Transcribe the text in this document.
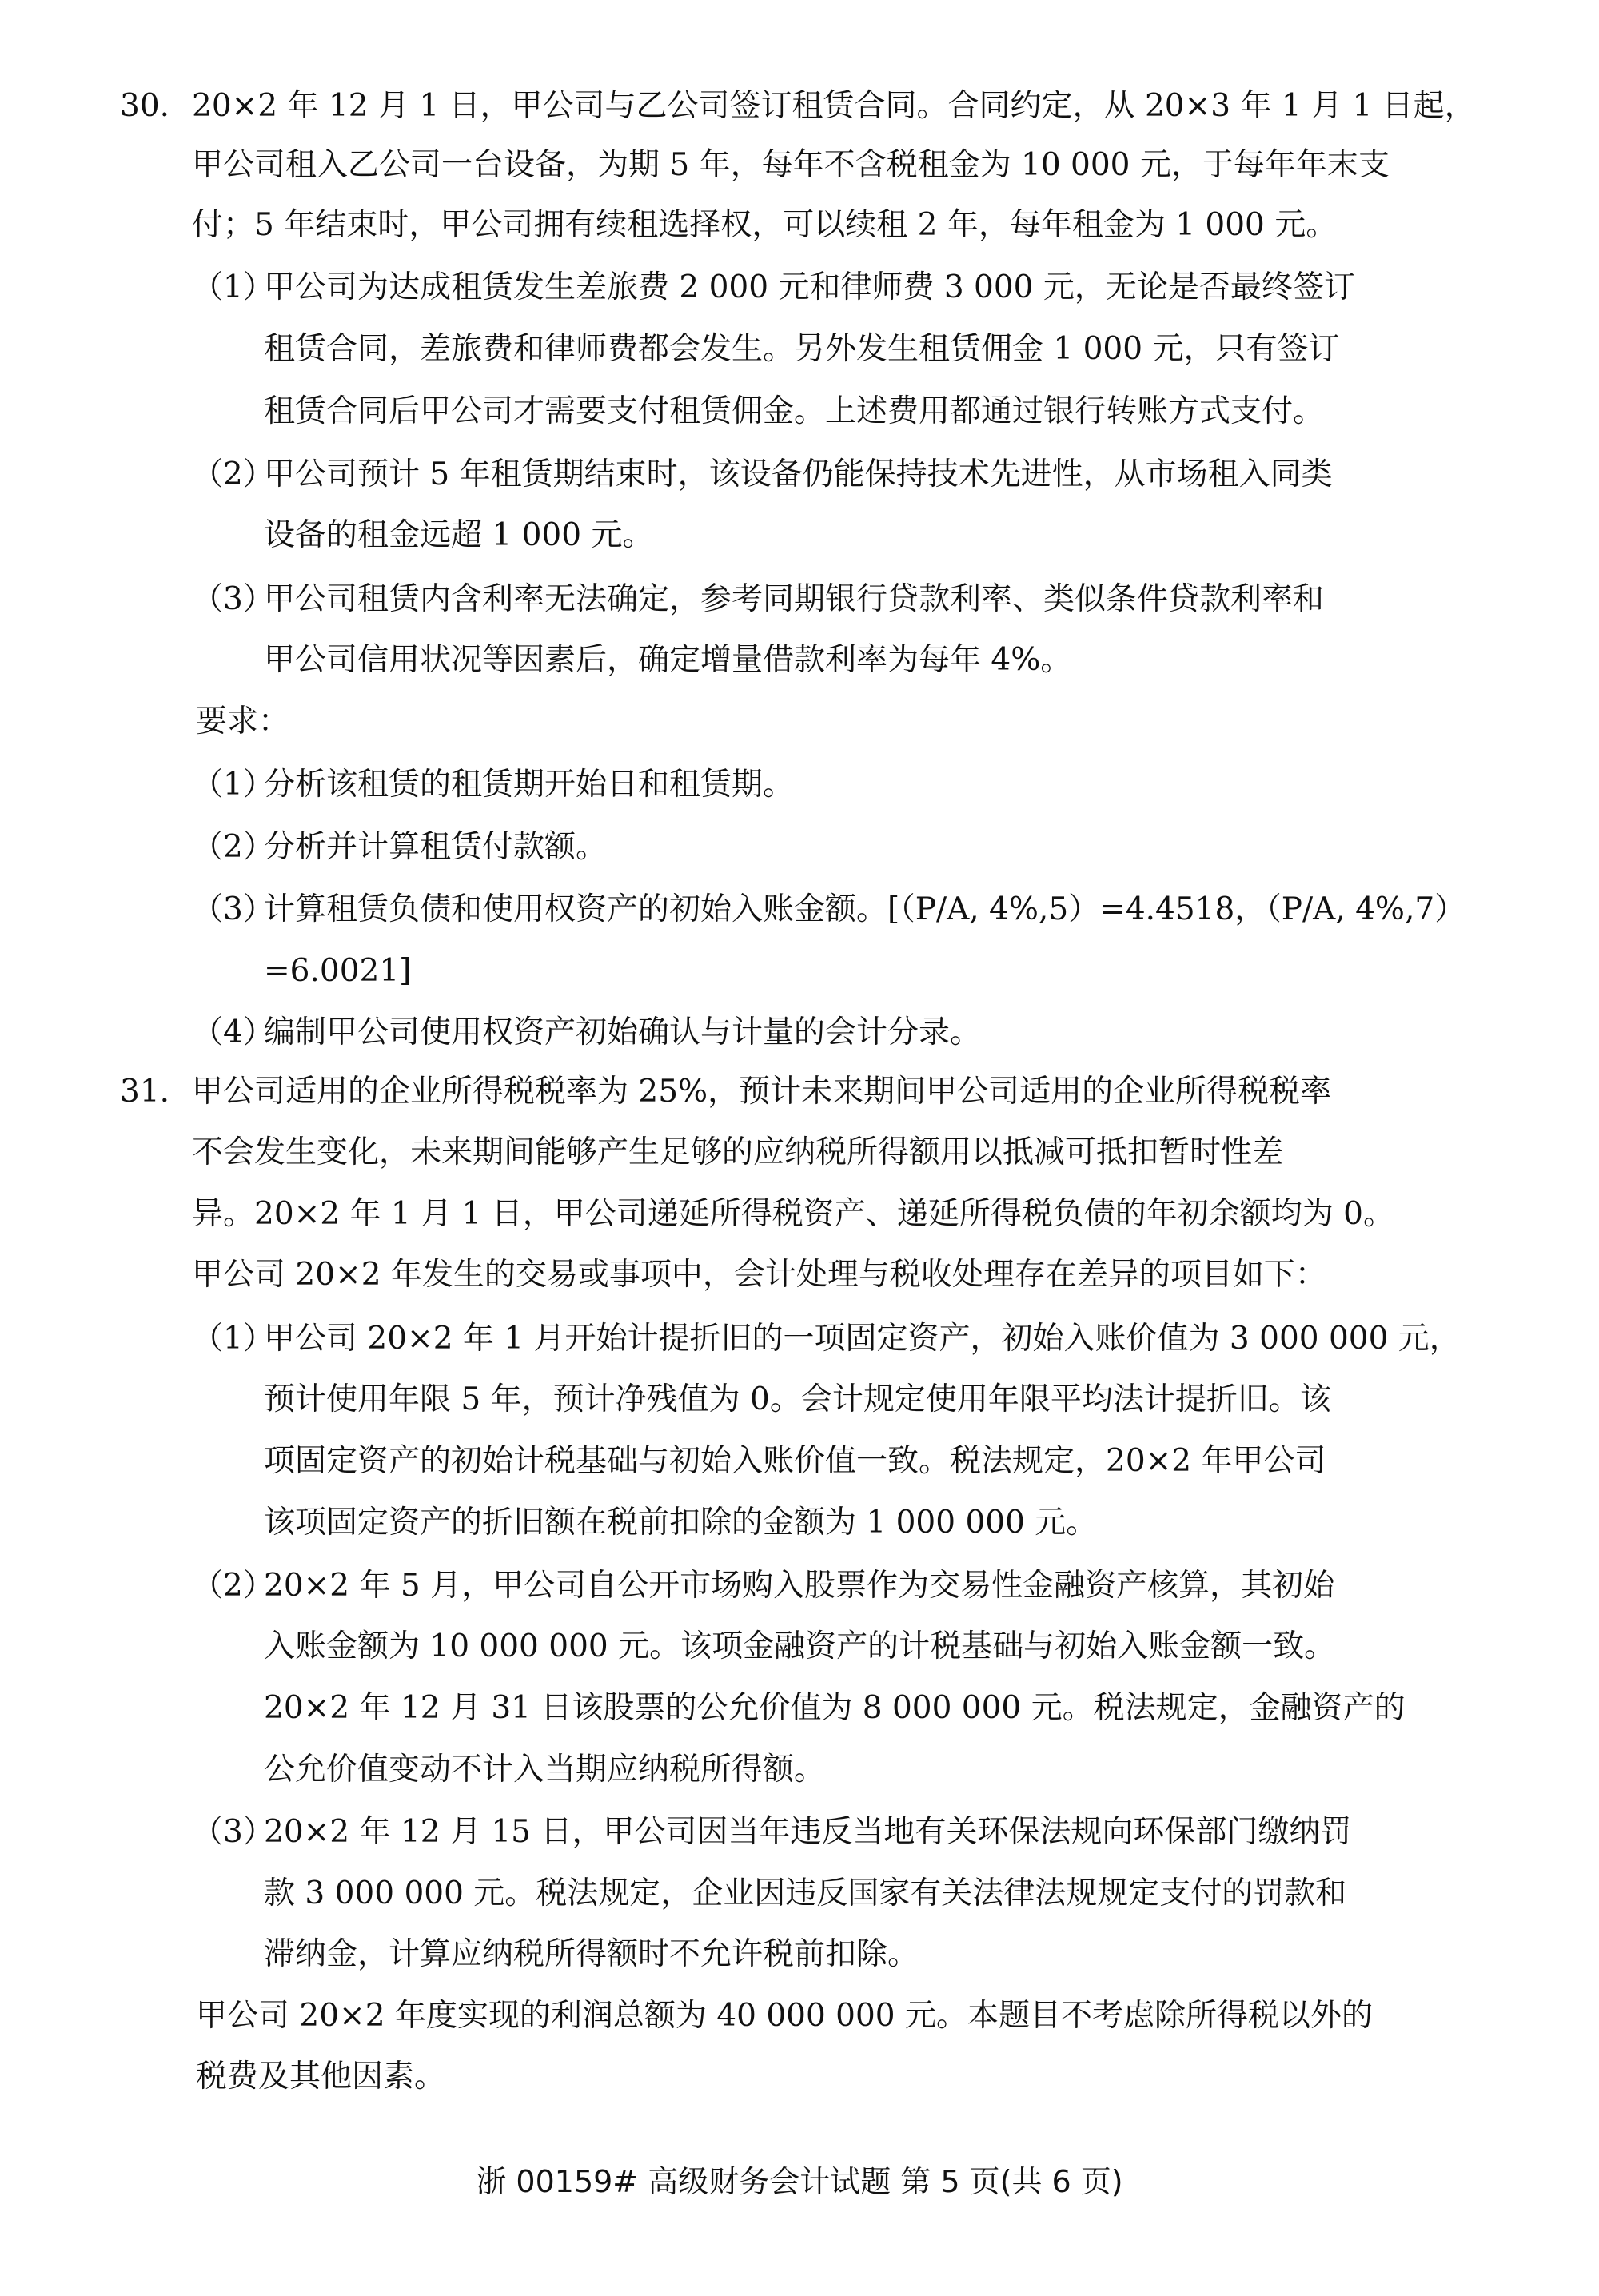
30. 20×2 年 12 月 1 日，甲公司与乙公司签订租赁合同。合同约定，从 20×3 年 1 月 1 日起，
甲公司租入乙公司一台设备，为期 5 年，每年不含税租金为 10 000 元，于每年年末支
付；5 年结束时，甲公司拥有续租选择权，可以续租 2 年，每年租金为 1 000 元。
（1）
甲公司为达成租赁发生差旅费 2 000 元和律师费 3 000 元，无论是否最终签订
租赁合同，差旅费和律师费都会发生。另外发生租赁佣金 1 000 元，只有签订
租赁合同后甲公司才需要支付租赁佣金。上述费用都通过银行转账方式支付。
（2）
甲公司预计 5 年租赁期结束时，该设备仍能保持技术先进性，从市场租入同类
设备的租金远超 1 000 元。
（3）
甲公司租赁内含利率无法确定，参考同期银行贷款利率、类似条件贷款利率和
甲公司信用状况等因素后，确定增量借款利率为每年 4%。
要求：
（1）
分析该租赁的租赁期开始日和租赁期。
（2）
分析并计算租赁付款额。
（3）
计算租赁负债和使用权资产的初始入账金额。[（P/A, 4%,5）=4.4518，（P/A, 4%,7）
=6.0021]
（4）
编制甲公司使用权资产初始确认与计量的会计分录。
31. 甲公司适用的企业所得税税率为 25%，预计未来期间甲公司适用的企业所得税税率
不会发生变化，未来期间能够产生足够的应纳税所得额用以抵减可抵扣暂时性差
异。20×2 年 1 月 1 日，甲公司递延所得税资产、递延所得税负债的年初余额均为 0。
甲公司 20×2 年发生的交易或事项中，会计处理与税收处理存在差异的项目如下：
（1）
甲公司 20×2 年 1 月开始计提折旧的一项固定资产，初始入账价值为 3 000 000 元，
预计使用年限 5 年，预计净残值为 0。会计规定使用年限平均法计提折旧。该
项固定资产的初始计税基础与初始入账价值一致。税法规定，20×2 年甲公司
该项固定资产的折旧额在税前扣除的金额为 1 000 000 元。
（2）
20×2 年 5 月，甲公司自公开市场购入股票作为交易性金融资产核算，其初始
入账金额为 10 000 000 元。该项金融资产的计税基础与初始入账金额一致。
20×2 年 12 月 31 日该股票的公允价值为 8 000 000 元。税法规定，金融资产的
公允价值变动不计入当期应纳税所得额。
（3）
20×2 年 12 月 15 日，甲公司因当年违反当地有关环保法规向环保部门缴纳罚
款 3 000 000 元。税法规定，企业因违反国家有关法律法规规定支付的罚款和
滞纳金，计算应纳税所得额时不允许税前扣除。
甲公司 20×2 年度实现的利润总额为 40 000 000 元。本题目不考虑除所得税以外的
税费及其他因素。
浙 00159# 高级财务会计试题 第 5 页(共 6 页)
